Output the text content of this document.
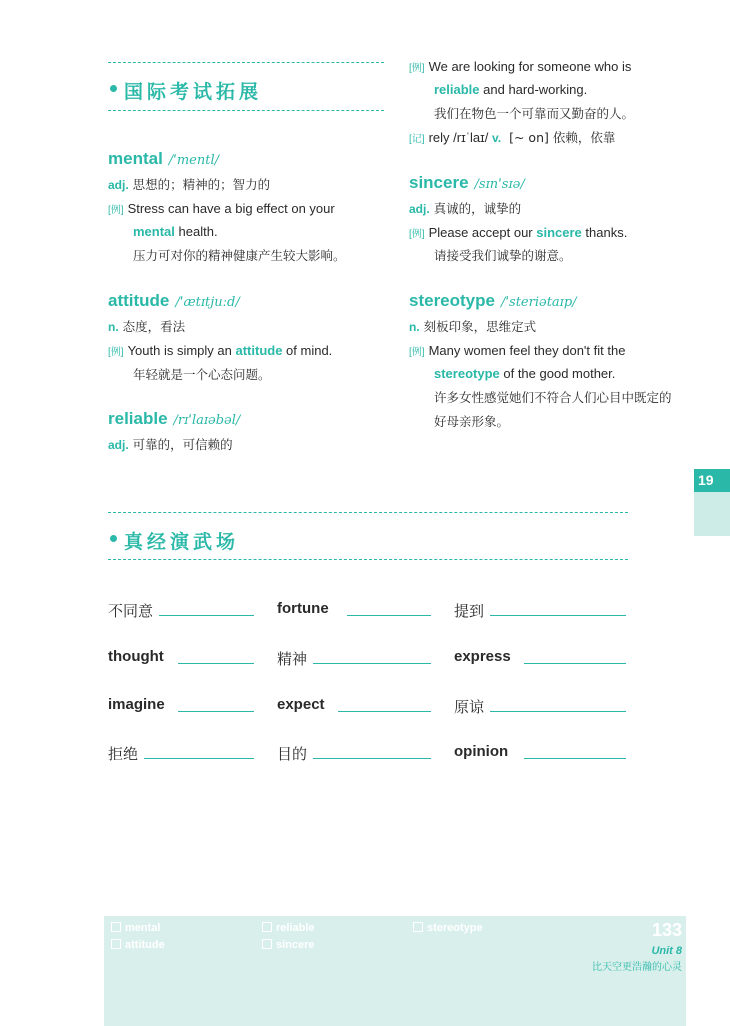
国际考试拓展
mental /ˈmentl/
adj. 思想的；精神的；智力的
[例] Stress can have a big effect on your
mental health.
压力可对你的精神健康产生较大影响。
attitude /ˈætɪtjuːd/
n. 态度，看法
[例] Youth is simply an attitude of mind.
年轻就是一个心态问题。
reliable /rɪˈlaɪəbəl/
adj. 可靠的，可信赖的
[例] We are looking for someone who is
reliable and hard-working.
我们在物色一个可靠而又勤奋的人。
[记] rely /rɪˈlaɪ/ v. [~ on] 依赖，依靠
sincere /sɪnˈsɪə/
adj. 真诚的，诚挚的
[例] Please accept our sincere thanks.
请接受我们诚挚的谢意。
stereotype /ˈsteriətaɪp/
n. 刻板印象，思维定式
[例] Many women feel they don't fit the
stereotype of the good mother.
许多女性感觉她们不符合人们心目中既定的
好母亲形象。
19
真经演武场
不同意	fortune	提到
thought	精神	express
imagine	expect	原谅
拒绝	目的	opinion
mental	reliable	stereotype
attitude	sincere
133
Unit 8
比天空更浩瀚的心灵
